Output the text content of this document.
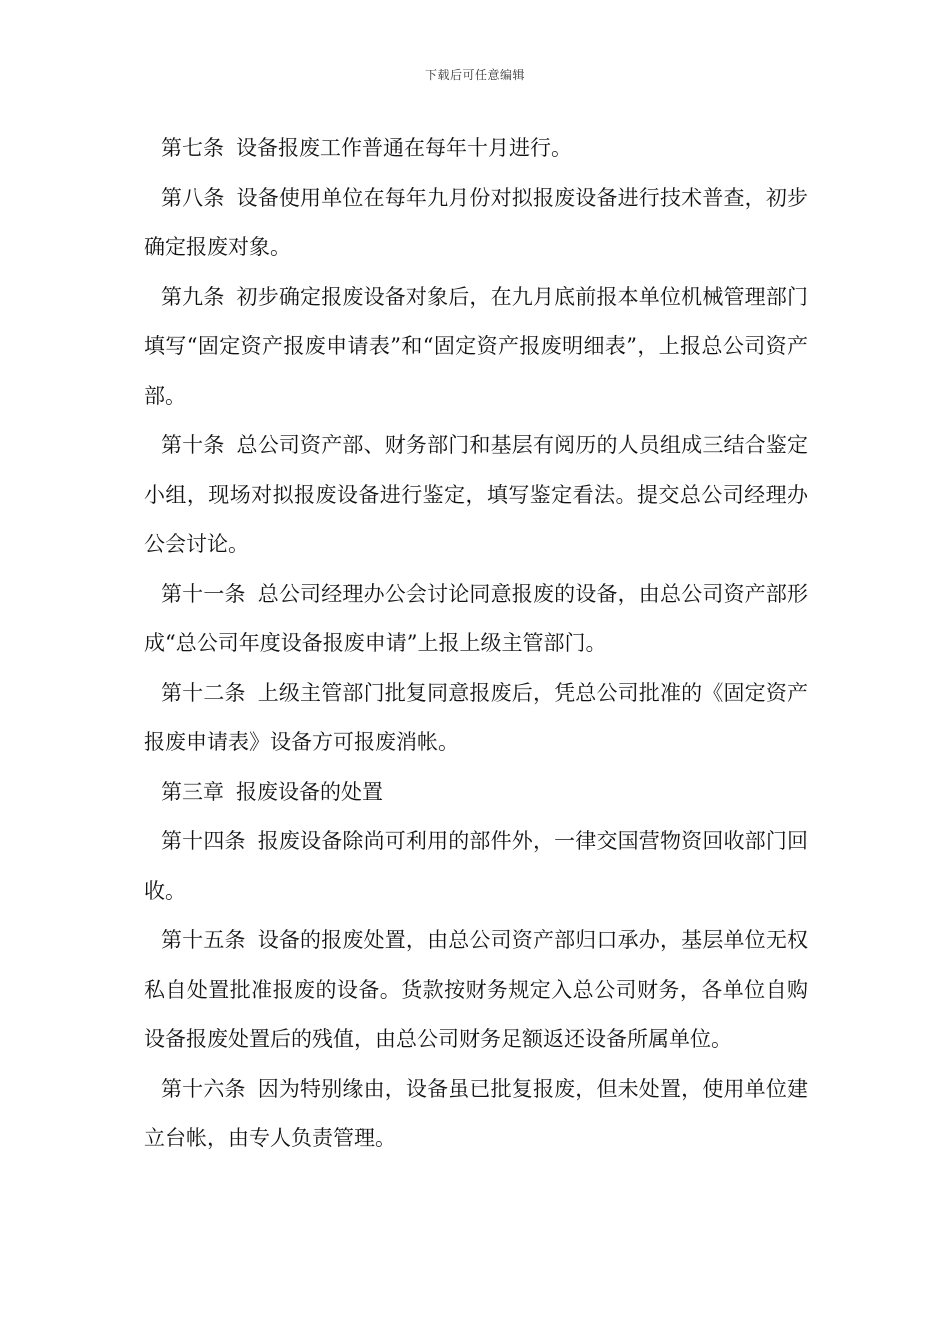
下载后可任意编辑

第七条 设备报废工作普通在每年十月进行。

第八条 设备使用单位在每年九月份对拟报废设备进行技术普查，初步确定报废对象。

第九条 初步确定报废设备对象后，在九月底前报本单位机械管理部门填写“固定资产报废申请表”和“固定资产报废明细表”，上报总公司资产部。

第十条 总公司资产部、财务部门和基层有阅历的人员组成三结合鉴定小组，现场对拟报废设备进行鉴定，填写鉴定看法。提交总公司经理办公会讨论。

第十一条 总公司经理办公会讨论同意报废的设备，由总公司资产部形成“总公司年度设备报废申请”上报上级主管部门。

第十二条 上级主管部门批复同意报废后，凭总公司批准的《固定资产报废申请表》设备方可报废消帐。

第三章 报废设备的处置

第十四条 报废设备除尚可利用的部件外，一律交国营物资回收部门回收。

第十五条 设备的报废处置，由总公司资产部归口承办，基层单位无权私自处置批准报废的设备。货款按财务规定入总公司财务，各单位自购设备报废处置后的残值，由总公司财务足额返还设备所属单位。

第十六条 因为特别缘由，设备虽已批复报废，但未处置，使用单位建立台帐，由专人负责管理。
